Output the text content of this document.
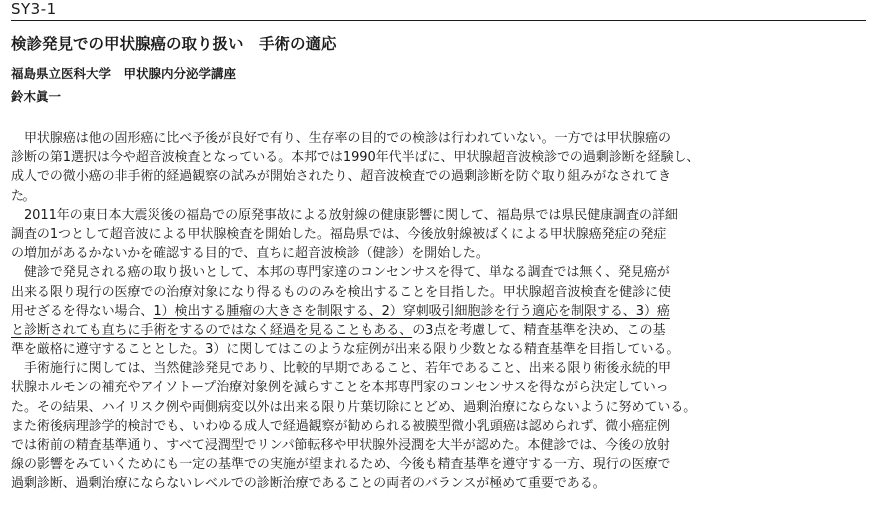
SY3-1
検診発見での甲状腺癌の取り扱い　手術の適応
福島県立医科大学　甲状腺内分泌学講座
鈴木眞一
　甲状腺癌は他の固形癌に比べ予後が良好で有り、生存率の目的での検診は行われていない。一方では甲状腺癌の
診断の第1選択は今や超音波検査となっている。本邦では1990年代半ばに、甲状腺超音波検診での過剰診断を経験し、
成人での微小癌の非手術的経過観察の試みが開始されたり、超音波検査での過剰診断を防ぐ取り組みがなされてき
た。
　2011年の東日本大震災後の福島での原発事故による放射線の健康影響に関して、福島県では県民健康調査の詳細
調査の1つとして超音波による甲状腺検査を開始した。福島県では、今後放射線被ばくによる甲状腺癌発症の発症
の増加があるかないかを確認する目的で、直ちに超音波検診（健診）を開始した。
　健診で発見される癌の取り扱いとして、本邦の専門家達のコンセンサスを得て、単なる調査では無く、発見癌が
出来る限り現行の医療での治療対象になり得るもののみを検出することを目指した。甲状腺超音波検査を健診に使
用せざるを得ない場合、1）検出する腫瘤の大きさを制限する、2）穿刺吸引細胞診を行う適応を制限する、3）癌
と診断されても直ちに手術をするのではなく経過を見ることもある、の3点を考慮して、精査基準を決め、この基
準を厳格に遵守することとした。3）に関してはこのような症例が出来る限り少数となる精査基準を目指している。
　手術施行に関しては、当然健診発見であり、比較的早期であること、若年であること、出来る限り術後永続的甲
状腺ホルモンの補充やアイソトープ治療対象例を減らすことを本邦専門家のコンセンサスを得ながら決定していっ
た。その結果、ハイリスク例や両側病変以外は出来る限り片葉切除にとどめ、過剰治療にならないように努めている。
また術後病理診学的検討でも、いわゆる成人で経過観察が勧められる被膜型微小乳頭癌は認められず、微小癌症例
では術前の精査基準通り、すべて浸潤型でリンパ節転移や甲状腺外浸潤を大半が認めた。本健診では、今後の放射
線の影響をみていくためにも一定の基準での実施が望まれるため、今後も精査基準を遵守する一方、現行の医療で
過剰診断、過剰治療にならないレベルでの診断治療であることの両者のバランスが極めて重要である。
